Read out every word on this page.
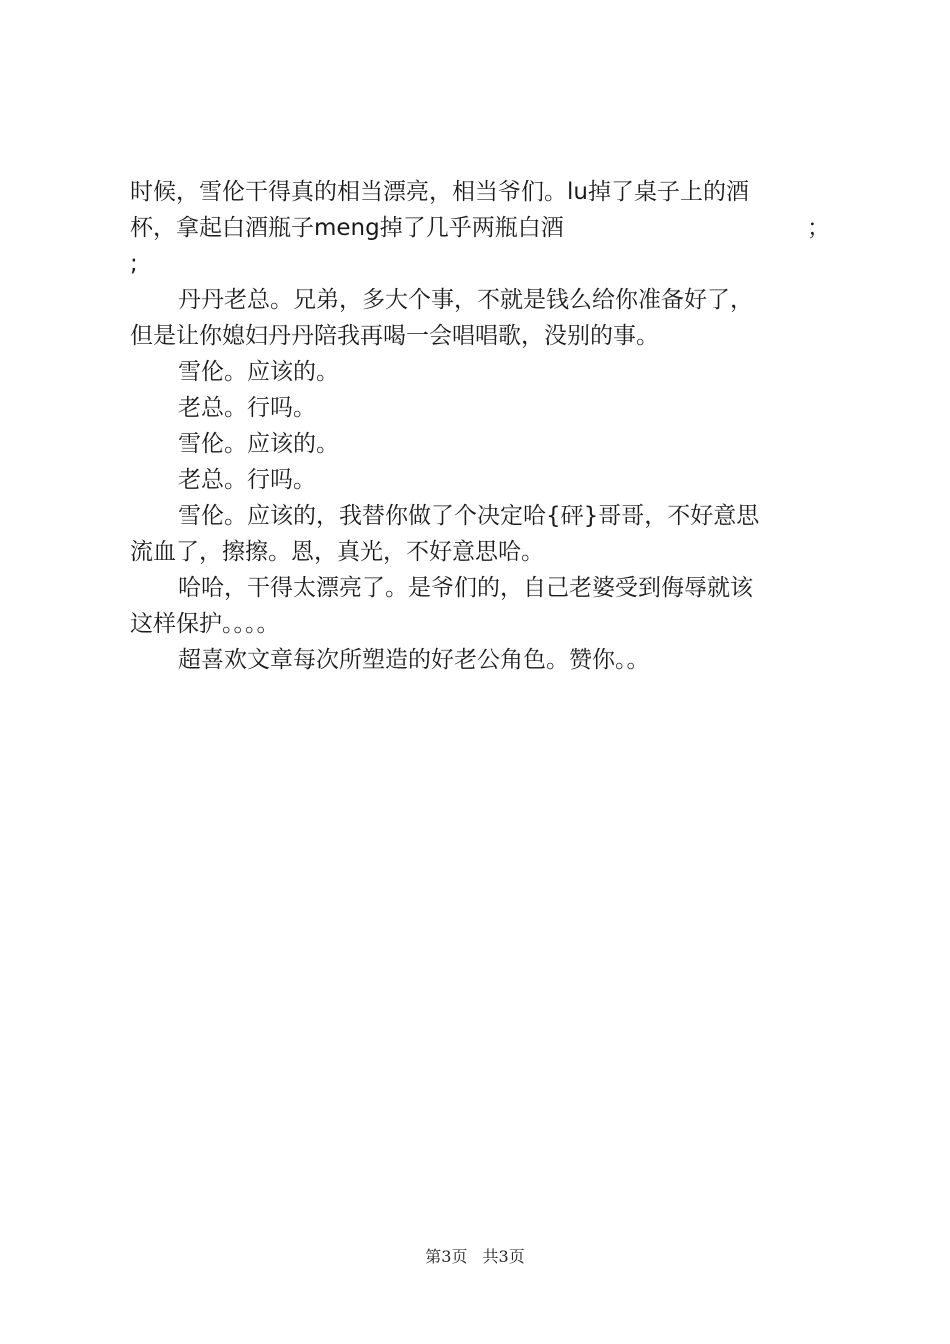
时候，雪伦干得真的相当漂亮，相当爷们。lu掉了桌子上的酒
杯，拿起白酒瓶子meng掉了几乎两瓶白酒	；
;
丹丹老总。兄弟，多大个事，不就是钱么给你准备好了，
但是让你媳妇丹丹陪我再喝一会唱唱歌，没别的事。
雪伦。应该的。
老总。行吗。
雪伦。应该的。
老总。行吗。
雪伦。应该的，我替你做了个决定哈{砰}哥哥，不好意思
流血了，擦擦。恩，真光，不好意思哈。
哈哈，干得太漂亮了。是爷们的，自己老婆受到侮辱就该
这样保护。。。。
超喜欢文章每次所塑造的好老公角色。赞你。。
第3页 共3页
